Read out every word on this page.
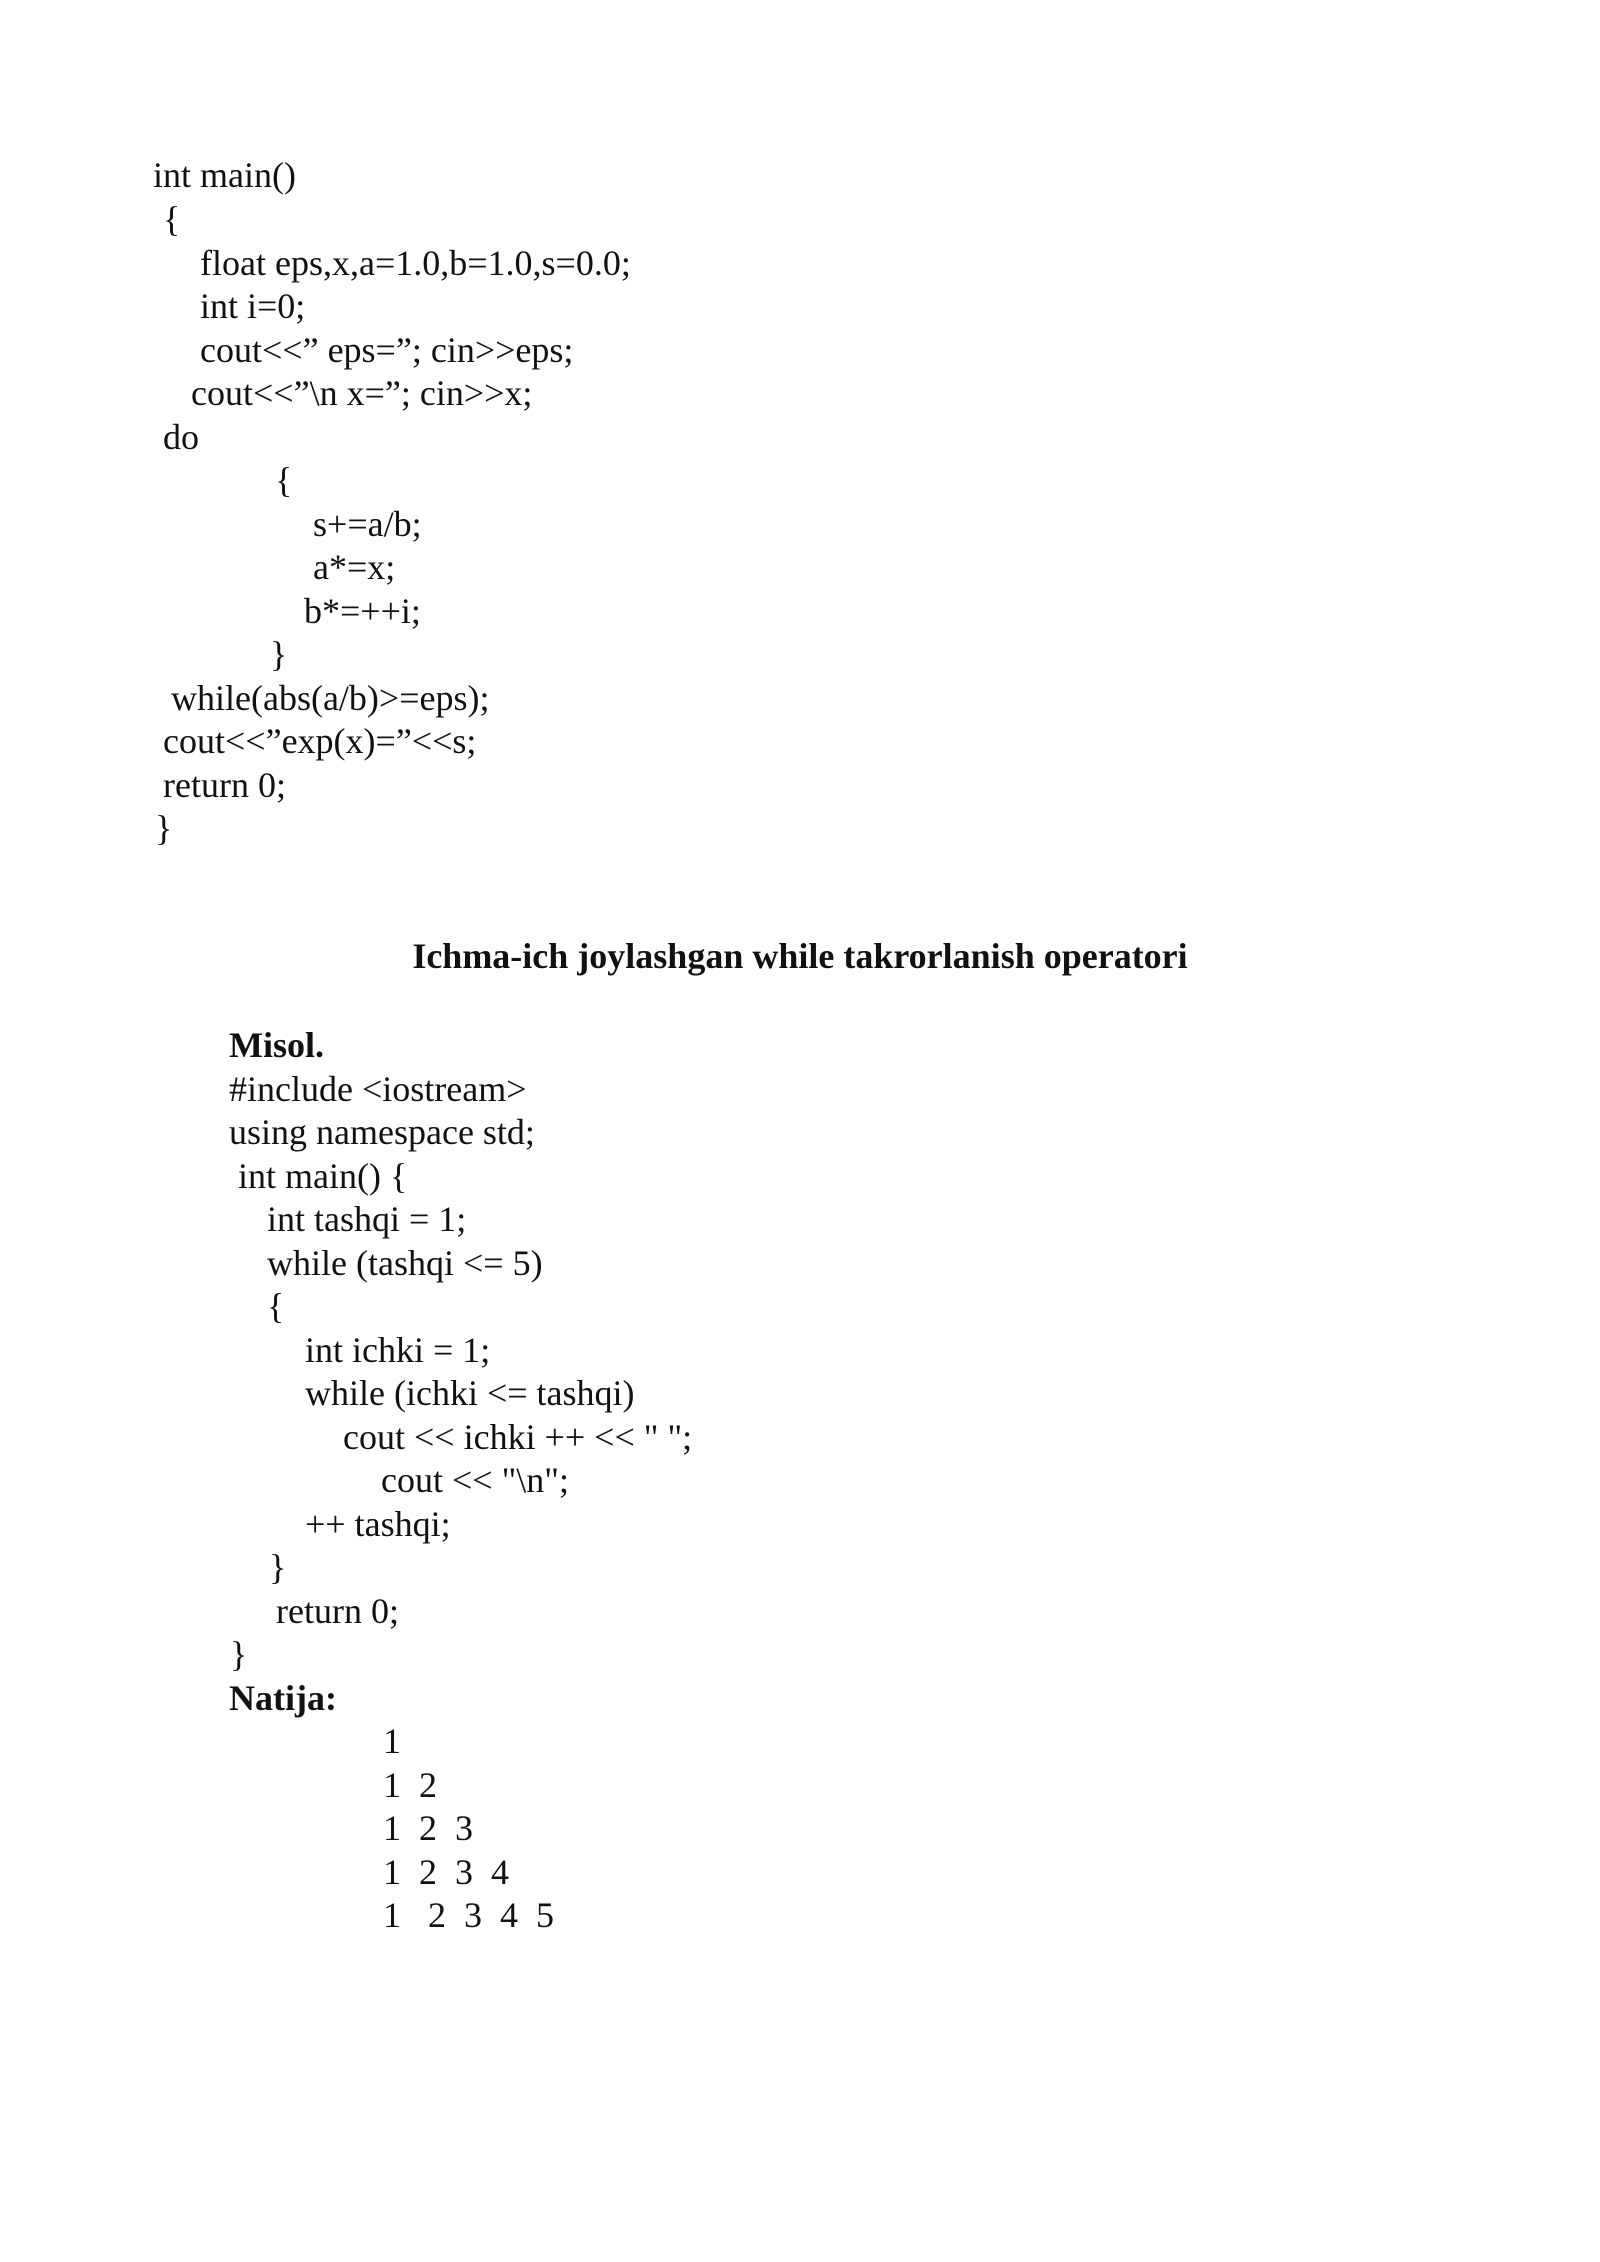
int main()
{
float eps,x,a=1.0,b=1.0,s=0.0;
int i=0;
cout<<” eps=”; cin>>eps;
cout<<”\n x=”; cin>>x;
do
{
s+=a/b;
a*=x;
b*=++i;
}
while(abs(a/b)>=eps);
cout<<”exp(x)=”<<s;
return 0;
}
Ichma-ich joylashgan while takrorlanish operatori
Misol.
#include <iostream>
using namespace std;
int main() {
int tashqi = 1;
while (tashqi <= 5)
{
int ichki = 1;
while (ichki <= tashqi)
cout << ichki ++ << " ";
cout << "\n";
++ tashqi;
}
return 0;
}
Natija:
1
1  2
1  2  3
1  2  3  4
1   2  3  4  5
